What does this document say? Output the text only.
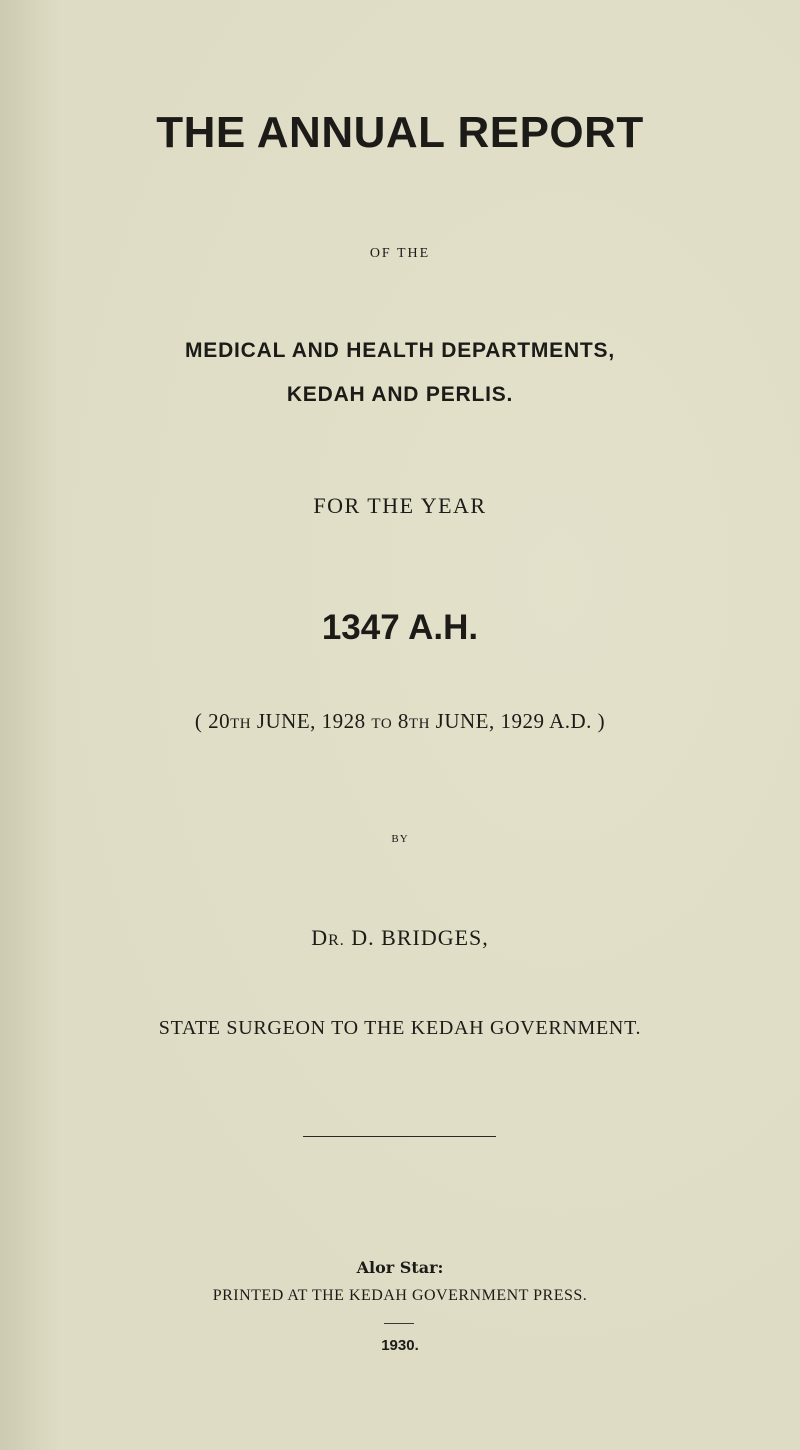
THE ANNUAL REPORT
OF THE
MEDICAL AND HEALTH DEPARTMENTS,
KEDAH AND PERLIS.
FOR THE YEAR
1347 A.H.
( 20TH JUNE, 1928 TO 8TH JUNE, 1929 A.D. )
BY
DR. D. BRIDGES,
STATE SURGEON TO THE KEDAH GOVERNMENT.
Alor Star:
PRINTED AT THE KEDAH GOVERNMENT PRESS.
1930.
